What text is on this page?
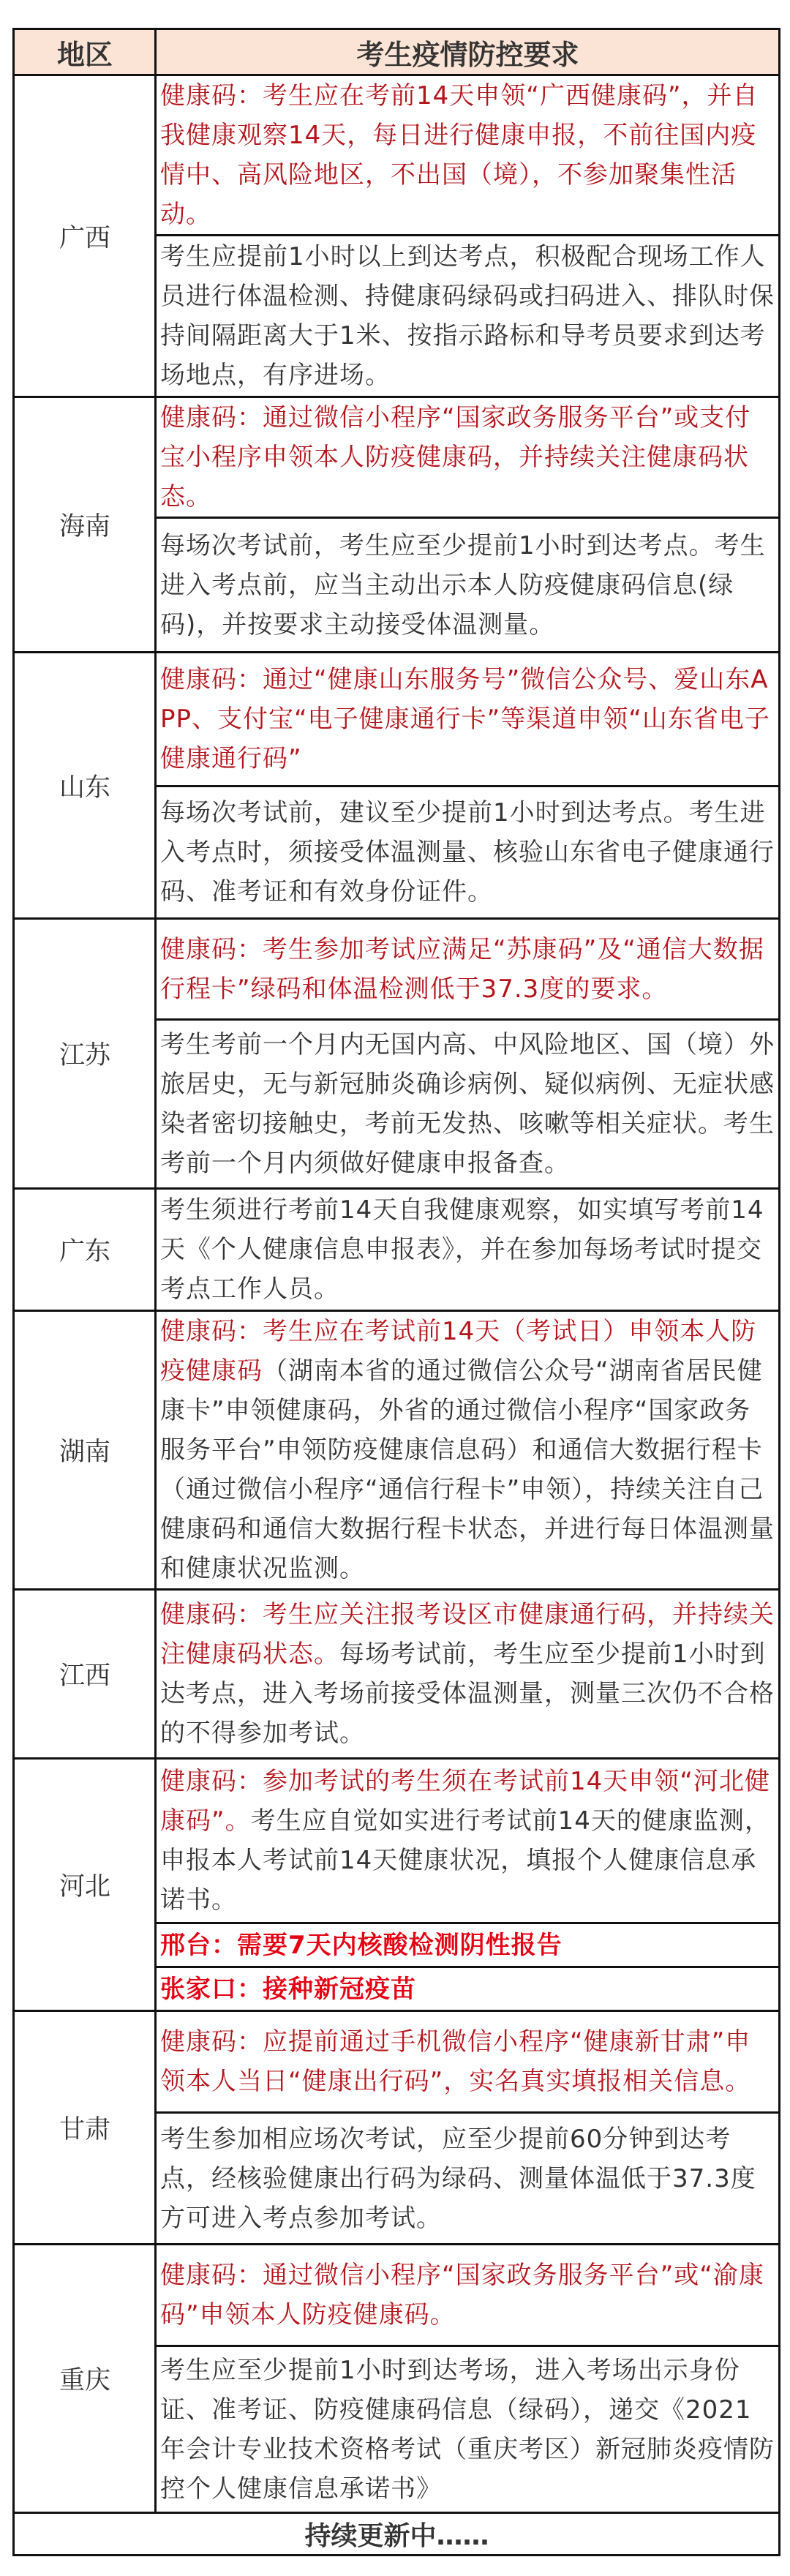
地区	考生疫情防控要求
广西	健康码：考生应在考前14天申领“广西健康码”，并自我健康观察14天，每日进行健康申报，不前往国内疫情中、高风险地区，不出国（境），不参加聚集性活动。
	考生应提前1小时以上到达考点，积极配合现场工作人员进行体温检测、持健康码绿码或扫码进入、排队时保持间隔距离大于1米、按指示路标和导考员要求到达考场地点，有序进场。
海南	健康码：通过微信小程序“国家政务服务平台”或支付宝小程序申领本人防疫健康码，并持续关注健康码状态。
	每场次考试前，考生应至少提前1小时到达考点。考生进入考点前，应当主动出示本人防疫健康码信息(绿码)，并按要求主动接受体温测量。
山东	健康码：通过“健康山东服务号”微信公众号、爱山东APP、支付宝“电子健康通行卡”等渠道申领“山东省电子健康通行码”
	每场次考试前，建议至少提前1小时到达考点。考生进入考点时，须接受体温测量、核验山东省电子健康通行码、准考证和有效身份证件。
江苏	健康码：考生参加考试应满足“苏康码”及“通信大数据行程卡”绿码和体温检测低于37.3度的要求。
	考生考前一个月内无国内高、中风险地区、国（境）外旅居史，无与新冠肺炎确诊病例、疑似病例、无症状感染者密切接触史，考前无发热、咳嗽等相关症状。考生考前一个月内须做好健康申报备查。
广东	考生须进行考前14天自我健康观察，如实填写考前14天《个人健康信息申报表》，并在参加每场考试时提交考点工作人员。
湖南	健康码：考生应在考试前14天（考试日）申领本人防疫健康码（湖南本省的通过微信公众号“湖南省居民健康卡”申领健康码，外省的通过微信小程序“国家政务服务平台”申领防疫健康信息码）和通信大数据行程卡（通过微信小程序“通信行程卡”申领），持续关注自己健康码和通信大数据行程卡状态，并进行每日体温测量和健康状况监测。
江西	健康码：考生应关注报考设区市健康通行码，并持续关注健康码状态。每场考试前，考生应至少提前1小时到达考点，进入考场前接受体温测量，测量三次仍不合格的不得参加考试。
河北	健康码：参加考试的考生须在考试前14天申领“河北健康码”。考生应自觉如实进行考试前14天的健康监测，申报本人考试前14天健康状况，填报个人健康信息承诺书。
	邢台：需要7天内核酸检测阴性报告
	张家口：接种新冠疫苗
甘肃	健康码：应提前通过手机微信小程序“健康新甘肃”申领本人当日“健康出行码”，实名真实填报相关信息。
	考生参加相应场次考试，应至少提前60分钟到达考点，经核验健康出行码为绿码、测量体温低于37.3度方可进入考点参加考试。
重庆	健康码：通过微信小程序“国家政务服务平台”或“渝康码”申领本人防疫健康码。
	考生应至少提前1小时到达考场，进入考场出示身份证、准考证、防疫健康码信息（绿码），递交《2021年会计专业技术资格考试（重庆考区）新冠肺炎疫情防控个人健康信息承诺书》
持续更新中……	
